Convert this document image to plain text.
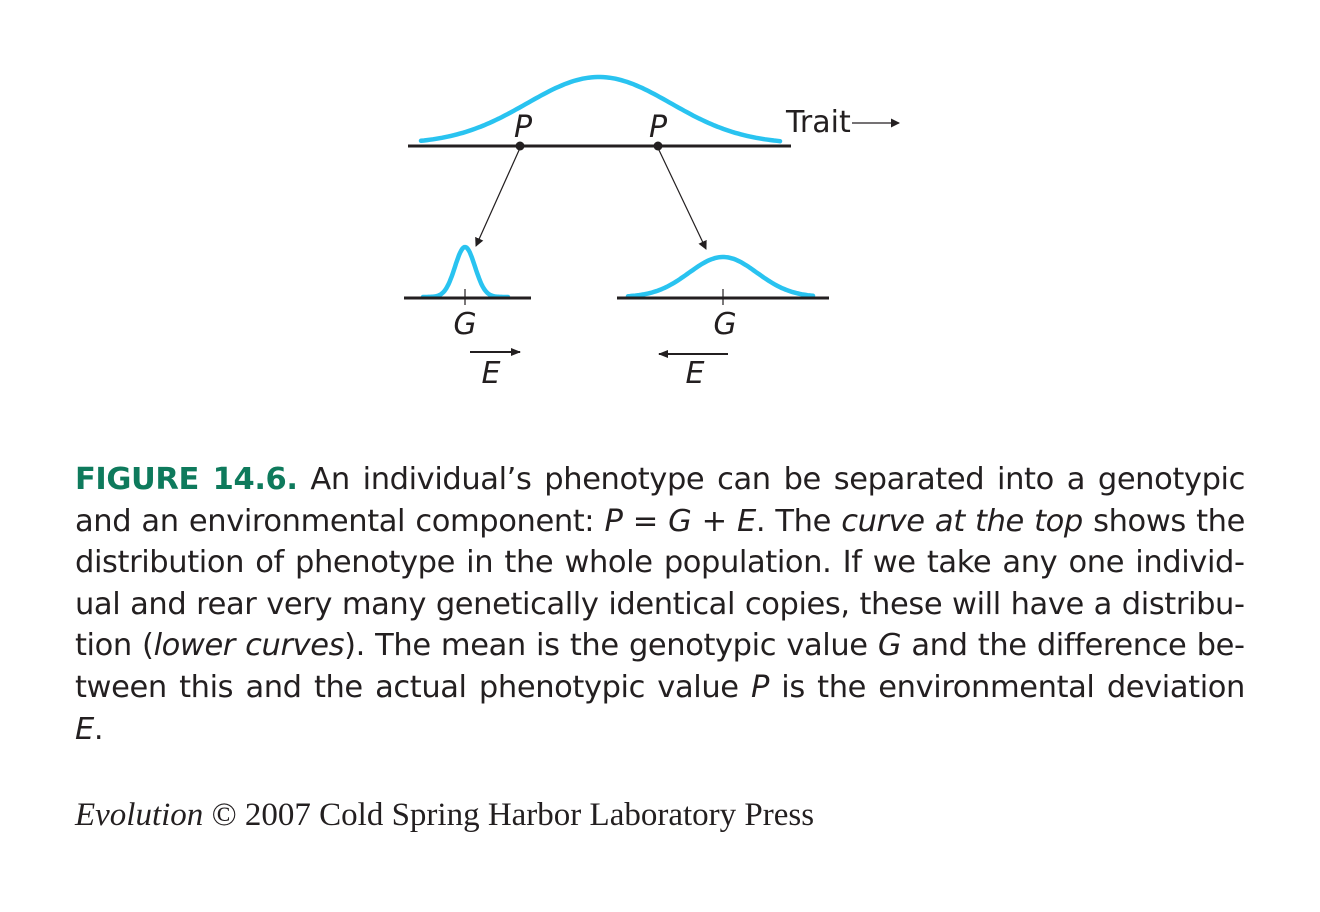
P	P	Trait
G
E
G
E

FIGURE 14.6. An individual’s phenotype can be separated into a genotypic and an environmental component: P = G + E. The curve at the top shows the distribution of phenotype in the whole population. If we take any one individual and rear very many genetically identical copies, these will have a distribution (lower curves). The mean is the genotypic value G and the difference between this and the actual phenotypic value P is the environmental deviation E.

Evolution © 2007 Cold Spring Harbor Laboratory Press
